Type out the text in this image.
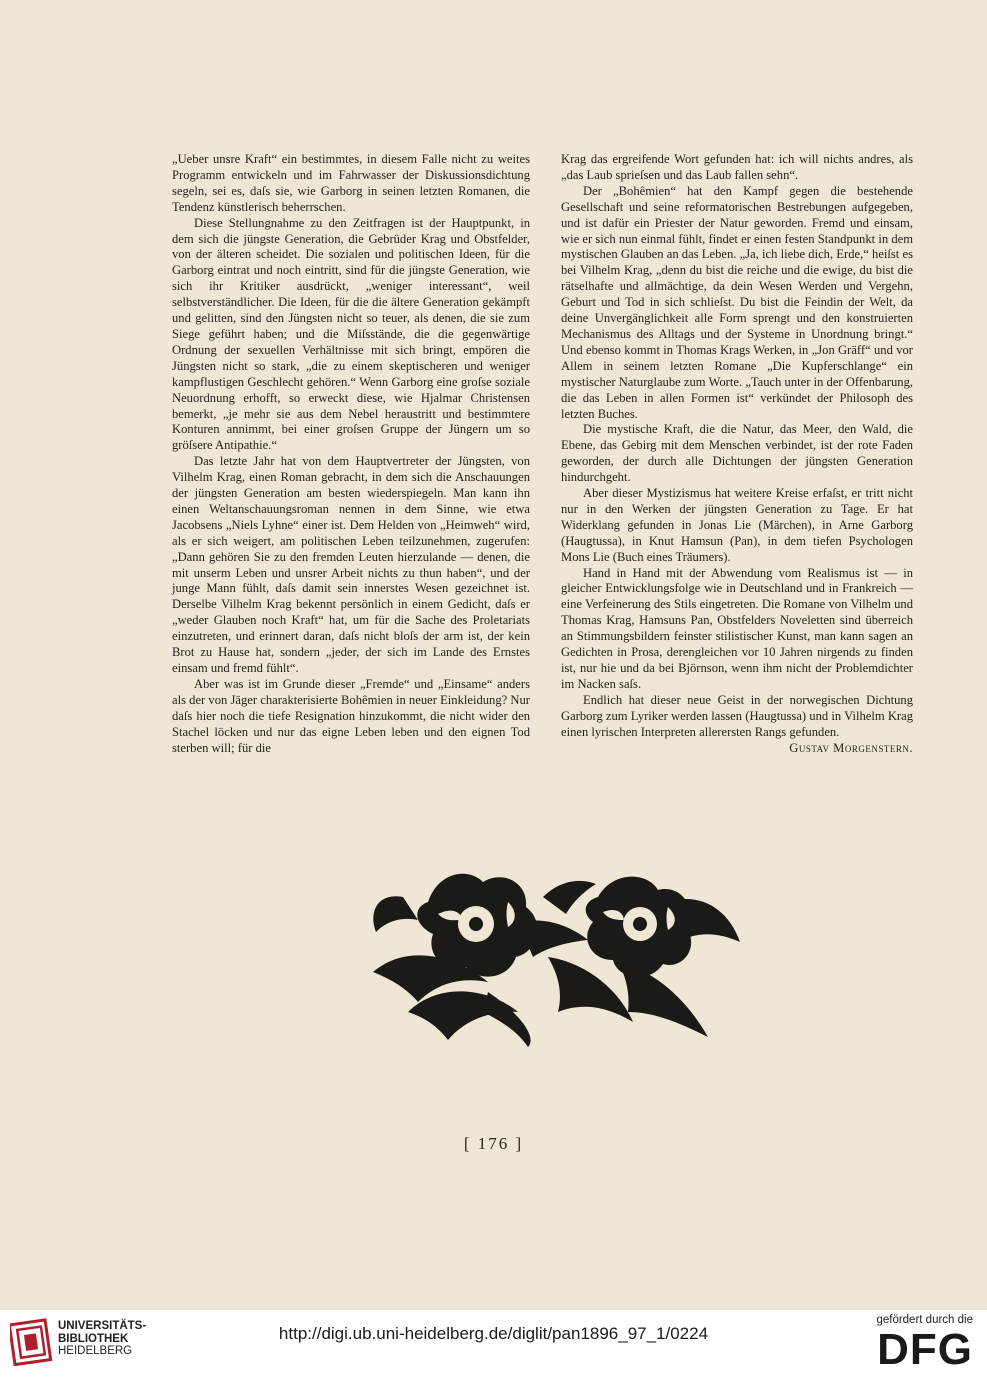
„Ueber unsre Kraft“ ein bestimmtes, in diesem Falle nicht zu weites Programm entwickeln und im Fahrwasser der Diskussionsdichtung segeln, sei es, daſs sie, wie Garborg in seinen letzten Romanen, die Tendenz künstlerisch beherrschen.

Diese Stellungnahme zu den Zeitfragen ist der Hauptpunkt, in dem sich die jüngste Generation, die Gebrüder Krag und Obstfelder, von der älteren scheidet. Die sozialen und politischen Ideen, für die Garborg eintrat und noch eintritt, sind für die jüngste Generation, wie sich ihr Kritiker ausdrückt, „weniger interessant“, weil selbstverständlicher. Die Ideen, für die die ältere Generation gekämpft und gelitten, sind den Jüngsten nicht so teuer, als denen, die sie zum Siege geführt haben; und die Miſsstände, die die gegenwärtige Ordnung der sexuellen Verhältnisse mit sich bringt, empören die Jüngsten nicht so stark, „die zu einem skeptischeren und weniger kampflustigen Geschlecht gehören.“ Wenn Garborg eine groſse soziale Neuordnung erhofft, so erweckt diese, wie Hjalmar Christensen bemerkt, „je mehr sie aus dem Nebel heraustritt und bestimmtere Konturen annimmt, bei einer groſsen Gruppe der Jüngern um so gröſsere Antipathie.“

Das letzte Jahr hat von dem Hauptvertreter der Jüngsten, von Vilhelm Krag, einen Roman gebracht, in dem sich die Anschauungen der jüngsten Generation am besten wiederspiegeln. Man kann ihn einen Weltanschauungsroman nennen in dem Sinne, wie etwa Jacobsens „Niels Lyhne“ einer ist. Dem Helden von „Heimweh“ wird, als er sich weigert, am politischen Leben teilzunehmen, zugerufen: „Dann gehören Sie zu den fremden Leuten hierzulande — denen, die mit unserm Leben und unsrer Arbeit nichts zu thun haben“, und der junge Mann fühlt, daſs damit sein innerstes Wesen gezeichnet ist. Derselbe Vilhelm Krag bekennt persönlich in einem Gedicht, daſs er „weder Glauben noch Kraft“ hat, um für die Sache des Proletariats einzutreten, und erinnert daran, daſs nicht bloſs der arm ist, der kein Brot zu Hause hat, sondern „jeder, der sich im Lande des Ernstes einsam und fremd fühlt“.

Aber was ist im Grunde dieser „Fremde“ und „Einsame“ anders als der von Jäger charakterisierte Bohêmien in neuer Einkleidung? Nur daſs hier noch die tiefe Resignation hinzukommt, die nicht wider den Stachel löcken und nur das eigne Leben leben und den eignen Tod sterben will; für die

Krag das ergreifende Wort gefunden hat: ich will nichts andres, als „das Laub sprieſsen und das Laub fallen sehn“.

Der „Bohêmien“ hat den Kampf gegen die bestehende Gesellschaft und seine reformatorischen Bestrebungen aufgegeben, und ist dafür ein Priester der Natur geworden. Fremd und einsam, wie er sich nun einmal fühlt, findet er einen festen Standpunkt in dem mystischen Glauben an das Leben. „Ja, ich liebe dich, Erde,“ heiſst es bei Vilhelm Krag, „denn du bist die reiche und die ewige, du bist die rätselhafte und allmächtige, da dein Wesen Werden und Vergehn, Geburt und Tod in sich schlieſst. Du bist die Feindin der Welt, da deine Unvergänglichkeit alle Form sprengt und den konstruierten Mechanismus des Alltags und der Systeme in Unordnung bringt.“ Und ebenso kommt in Thomas Krags Werken, in „Jon Gräff“ und vor Allem in seinem letzten Romane „Die Kupferschlange“ ein mystischer Naturglaube zum Worte. „Tauch unter in der Offenbarung, die das Leben in allen Formen ist“ verkündet der Philosoph des letzten Buches.

Die mystische Kraft, die die Natur, das Meer, den Wald, die Ebene, das Gebirg mit dem Menschen verbindet, ist der rote Faden geworden, der durch alle Dichtungen der jüngsten Generation hindurchgeht.

Aber dieser Mystizismus hat weitere Kreise erfaſst, er tritt nicht nur in den Werken der jüngsten Generation zu Tage. Er hat Widerklang gefunden in Jonas Lie (Märchen), in Arne Garborg (Haugtussa), in Knut Hamsun (Pan), in dem tiefen Psychologen Mons Lie (Buch eines Träumers).

Hand in Hand mit der Abwendung vom Realismus ist — in gleicher Entwicklungsfolge wie in Deutschland und in Frankreich — eine Verfeinerung des Stils eingetreten. Die Romane von Vilhelm und Thomas Krag, Hamsuns Pan, Obstfelders Noveletten sind überreich an Stimmungsbildern feinster stilistischer Kunst, man kann sagen an Gedichten in Prosa, derengleichen vor 10 Jahren nirgends zu finden ist, nur hie und da bei Björnson, wenn ihm nicht der Problemdichter im Nacken saſs.

Endlich hat dieser neue Geist in der norwegischen Dichtung Garborg zum Lyriker werden lassen (Haugtussa) und in Vilhelm Krag einen lyrischen Interpreten allerersten Rangs gefunden.
Gustav Morgenstern.

ɕF
[ 176 ]
UNIVERSITÄTS-
BIBLIOTHEK
HEIDELBERG
http://digi.ub.uni-heidelberg.de/diglit/pan1896_97_1/0224
gefördert durch die
DFG
